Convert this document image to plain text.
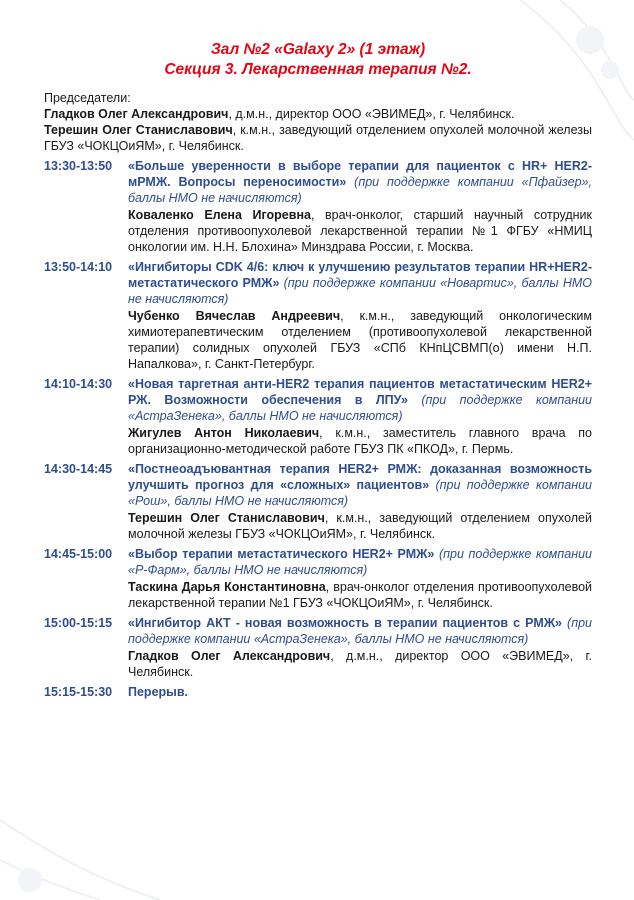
Зал №2 «Galaxy 2» (1 этаж)
Секция 3. Лекарственная терапия №2.
Председатели:
Гладков Олег Александрович, д.м.н., директор ООО «ЭВИМЕД», г. Челябинск.
Терешин Олег Станиславович, к.м.н., заведующий отделением опухолей молочной железы ГБУЗ «ЧОКЦОиЯМ», г. Челябинск.
13:30-13:50	«Больше уверенности в выборе терапии для пациенток с HR+ HER2- мРМЖ. Вопросы переносимости» (при поддержке компании «Пфайзер», баллы НМО не начисляются)
Коваленко Елена Игоревна, врач-онколог, старший научный сотрудник отделения противоопухолевой лекарственной терапии №1 ФГБУ «НМИЦ онкологии им. Н.Н. Блохина» Минздрава России, г. Москва.
13:50-14:10	«Ингибиторы CDK 4/6: ключ к улучшению результатов терапии HR+HER2- метастатического РМЖ» (при поддержке компании «Новартис», баллы НМО не начисляются)
Чубенко Вячеслав Андреевич, к.м.н., заведующий онкологическим химиотерапевтическим отделением (противоопухолевой лекарственной терапии) солидных опухолей ГБУЗ «СПб КНпЦСВМП(о) имени Н.П. Напалкова», г. Санкт-Петербург.
14:10-14:30	«Новая таргетная анти-HER2 терапия пациентов метастатическим HER2+ РЖ. Возможности обеспечения в ЛПУ» (при поддержке компании «АстраЗенека», баллы НМО не начисляются)
Жигулев Антон Николаевич, к.м.н., заместитель главного врача по организационно-методической работе ГБУЗ ПК «ПКОД», г. Пермь.
14:30-14:45	«Постнеоадъювантная терапия HER2+ РМЖ: доказанная возможность улучшить прогноз для «сложных» пациентов» (при поддержке компании «Рош», баллы НМО не начисляются)
Терешин Олег Станиславович, к.м.н., заведующий отделением опухолей молочной железы ГБУЗ «ЧОКЦОиЯМ», г. Челябинск.
14:45-15:00	«Выбор терапии метастатического HER2+ РМЖ» (при поддержке компании «Р-Фарм», баллы НМО не начисляются)
Таскина Дарья Константиновна, врач-онколог отделения противоопухолевой лекарственной терапии №1 ГБУЗ «ЧОКЦОиЯМ», г. Челябинск.
15:00-15:15	«Ингибитор АКТ - новая возможность в терапии пациентов с РМЖ» (при поддержке компании «АстраЗенека», баллы НМО не начисляются)
Гладков Олег Александрович, д.м.н., директор ООО «ЭВИМЕД», г. Челябинск.
15:15-15:30	Перерыв.
